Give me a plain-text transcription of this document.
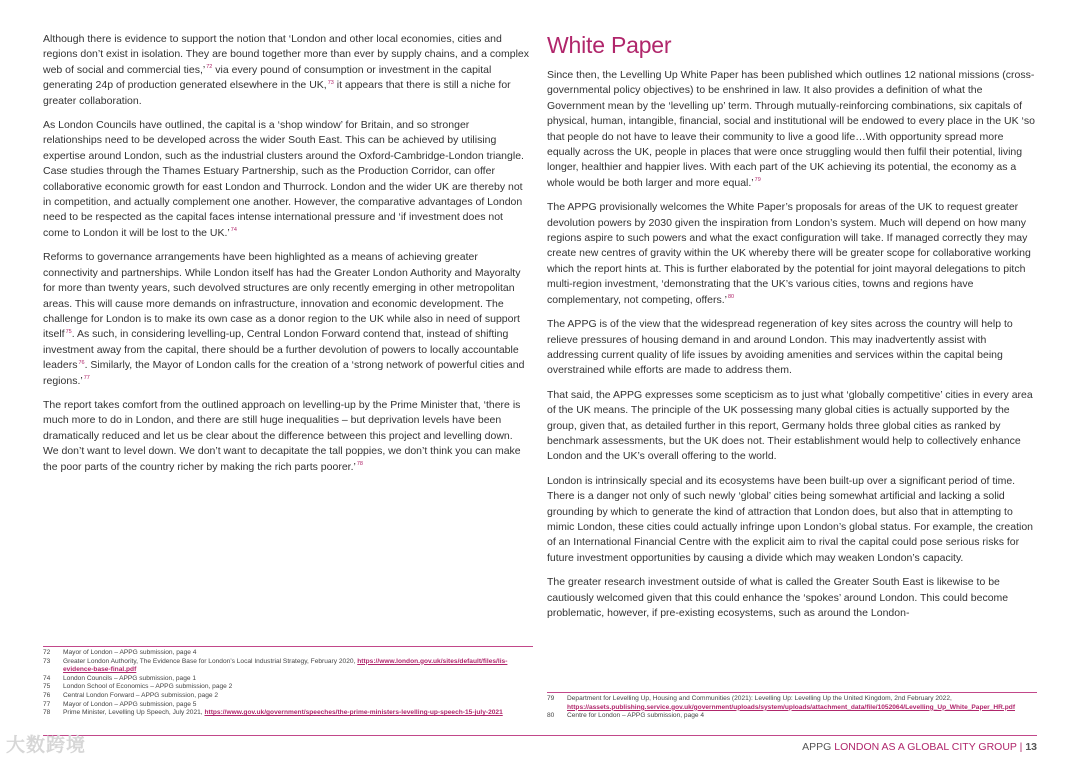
Although there is evidence to support the notion that ‘London and other local economies, cities and regions don’t exist in isolation. They are bound together more than ever by supply chains, and a complex web of social and commercial ties,’$^{72}$ via every pound of consumption or investment in the capital generating 24p of production generated elsewhere in the UK,$^{73}$ it appears that there is still a niche for greater collaboration.

As London Councils have outlined, the capital is a ‘shop window’ for Britain, and so stronger relationships need to be developed across the wider South East. This can be achieved by utilising expertise around London, such as the industrial clusters around the Oxford-Cambridge-London triangle. Case studies through the Thames Estuary Partnership, such as the Production Corridor, can offer collaborative economic growth for east London and Thurrock. London and the wider UK are thereby not in competition, and actually complement one another. However, the comparative advantages of London need to be respected as the capital faces intense international pressure and ‘if investment does not come to London it will be lost to the UK.’$^{74}$

Reforms to governance arrangements have been highlighted as a means of achieving greater connectivity and partnerships. While London itself has had the Greater London Authority and Mayoralty for more than twenty years, such devolved structures are only recently emerging in other metropolitan areas. This will cause more demands on infrastructure, innovation and economic development. The challenge for London is to make its own case as a donor region to the UK while also in need of support itself$^{75}$. As such, in considering levelling-up, Central London Forward contend that, instead of shifting investment away from the capital, there should be a further devolution of powers to locally accountable leaders$^{76}$. Similarly, the Mayor of London calls for the creation of a ‘strong network of powerful cities and regions.’$^{77}$

The report takes comfort from the outlined approach on levelling-up by the Prime Minister that, ‘there is much more to do in London, and there are still huge inequalities – but deprivation levels have been dramatically reduced and let us be clear about the difference between this project and levelling down. We don’t want to level down. We don’t want to decapitate the tall poppies, we don’t think you can make the poor parts of the country richer by making the rich parts poorer.’$^{78}$

White Paper

Since then, the Levelling Up White Paper has been published which outlines 12 national missions (cross-governmental policy objectives) to be enshrined in law. It also provides a definition of what the Government mean by the ‘levelling up’ term. Through mutually-reinforcing combinations, six capitals of physical, human, intangible, financial, social and institutional will be endowed to every place in the UK ‘so that people do not have to leave their community to live a good life…With opportunity spread more equally across the UK, people in places that were once struggling would then fulfil their potential, living longer, healthier and happier lives. With each part of the UK achieving its potential, the economy as a whole would be both larger and more equal.’$^{79}$

The APPG provisionally welcomes the White Paper’s proposals for areas of the UK to request greater devolution powers by 2030 given the inspiration from London’s system. Much will depend on how many regions aspire to such powers and what the exact configuration will take. If managed correctly they may create new centres of gravity within the UK whereby there will be greater scope for collaborative working which the report hints at. This is further elaborated by the potential for joint mayoral delegations to pitch multi-region investment, ‘demonstrating that the UK’s various cities, towns and regions have complementary, not competing, offers.’$^{80}$

The APPG is of the view that the widespread regeneration of key sites across the country will help to relieve pressures of housing demand in and around London. This may inadvertently assist with addressing current quality of life issues by avoiding amenities and services within the capital being overstrained while efforts are made to address them.

That said, the APPG expresses some scepticism as to just what ‘globally competitive’ cities in every area of the UK means. The principle of the UK possessing many global cities is actually supported by the group, given that, as detailed further in this report, Germany holds three global cities as ranked by benchmark assessments, but the UK does not. Their establishment would help to collectively enhance London and the UK’s overall offering to the world.

London is intrinsically special and its ecosystems have been built-up over a significant period of time. There is a danger not only of such newly ‘global’ cities being somewhat artificial and lacking a solid grounding by which to generate the kind of attraction that London does, but also that in attempting to mimic London, these cities could actually infringe upon London’s global status. For example, the creation of an International Financial Centre with the explicit aim to rival the capital could pose serious risks for future investment opportunities by causing a divide which may weaken London’s capacity.

The greater research investment outside of what is called the Greater South East is likewise to be cautiously welcomed given that this could enhance the ‘spokes’ around London. This could become problematic, however, if pre-existing ecosystems, such as around the London-

72	Mayor of London – APPG submission, page 4
73	Greater London Authority, The Evidence Base for London’s Local Industrial Strategy, February 2020, https://www.london.gov.uk/sites/default/files/lis-evidence-base-final.pdf
74	London Councils – APPG submission, page 1
75	London School of Economics – APPG submission, page 2
76	Central London Forward – APPG submission, page 2
77	Mayor of London – APPG submission, page 5
78	Prime Minister, Levelling Up Speech, July 2021, https://www.gov.uk/government/speeches/the-prime-ministers-levelling-up-speech-15-july-2021
79	Department for Levelling Up, Housing and Communities (2021): Levelling Up: Levelling Up the United Kingdom, 2nd February 2022, https://assets.publishing.service.gov.uk/government/uploads/system/uploads/attachment_data/file/1052064/Levelling_Up_White_Paper_HR.pdf
80	Centre for London – APPG submission, page 4
APPG LONDON AS A GLOBAL CITY GROUP | 13
大数跨境
